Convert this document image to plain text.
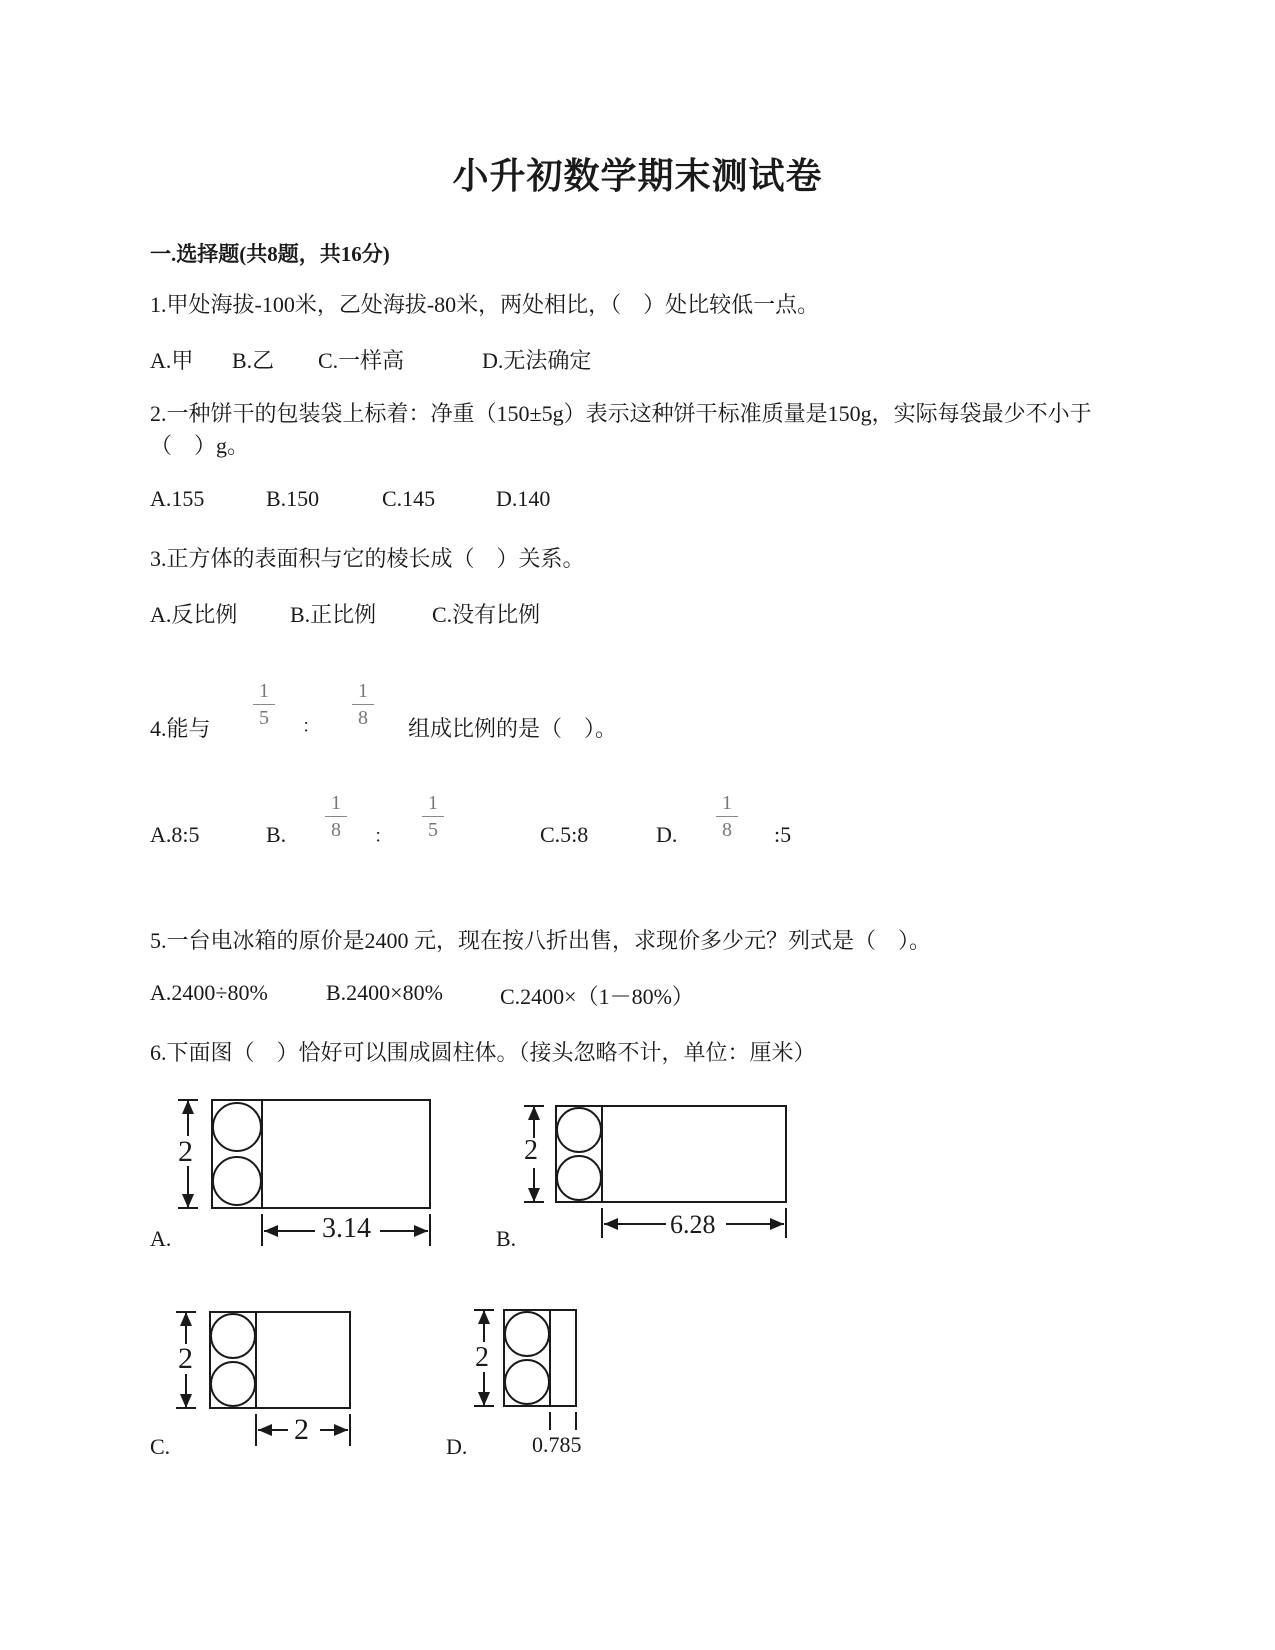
小升初数学期末测试卷
一.选择题(共8题，共16分)
1.甲处海拔-100米，乙处海拔-80米，两处相比，（　）处比较低一点。
A.甲 B.乙 C.一样高	D.无法确定
2.一种饼干的包装袋上标着：净重（150±5g）表示这种饼干标准质量是150g，实际每袋最少不小于（　）g。
A.155	B.150	C.145	D.140
3.正方体的表面积与它的棱长成（　）关系。
A.反比例 B.正比例	C.没有比例
4.能与
1
5	：
1
8	组成比例的是（　）。
A.8:5	B.
1
8	：
1
5	C.5:8	D.
1
8	:5
5.一台电冰箱的原价是2400 元，现在按八折出售，求现价多少元？列式是（　）。
A.2400÷80%	B.2400×80%	C.2400×（1－80%）
6.下面图（　）恰好可以围成圆柱体。（接头忽略不计，单位：厘米）
A.
2
3.14	B.
2
6.28
C.
2
2
D.
2
0.785
